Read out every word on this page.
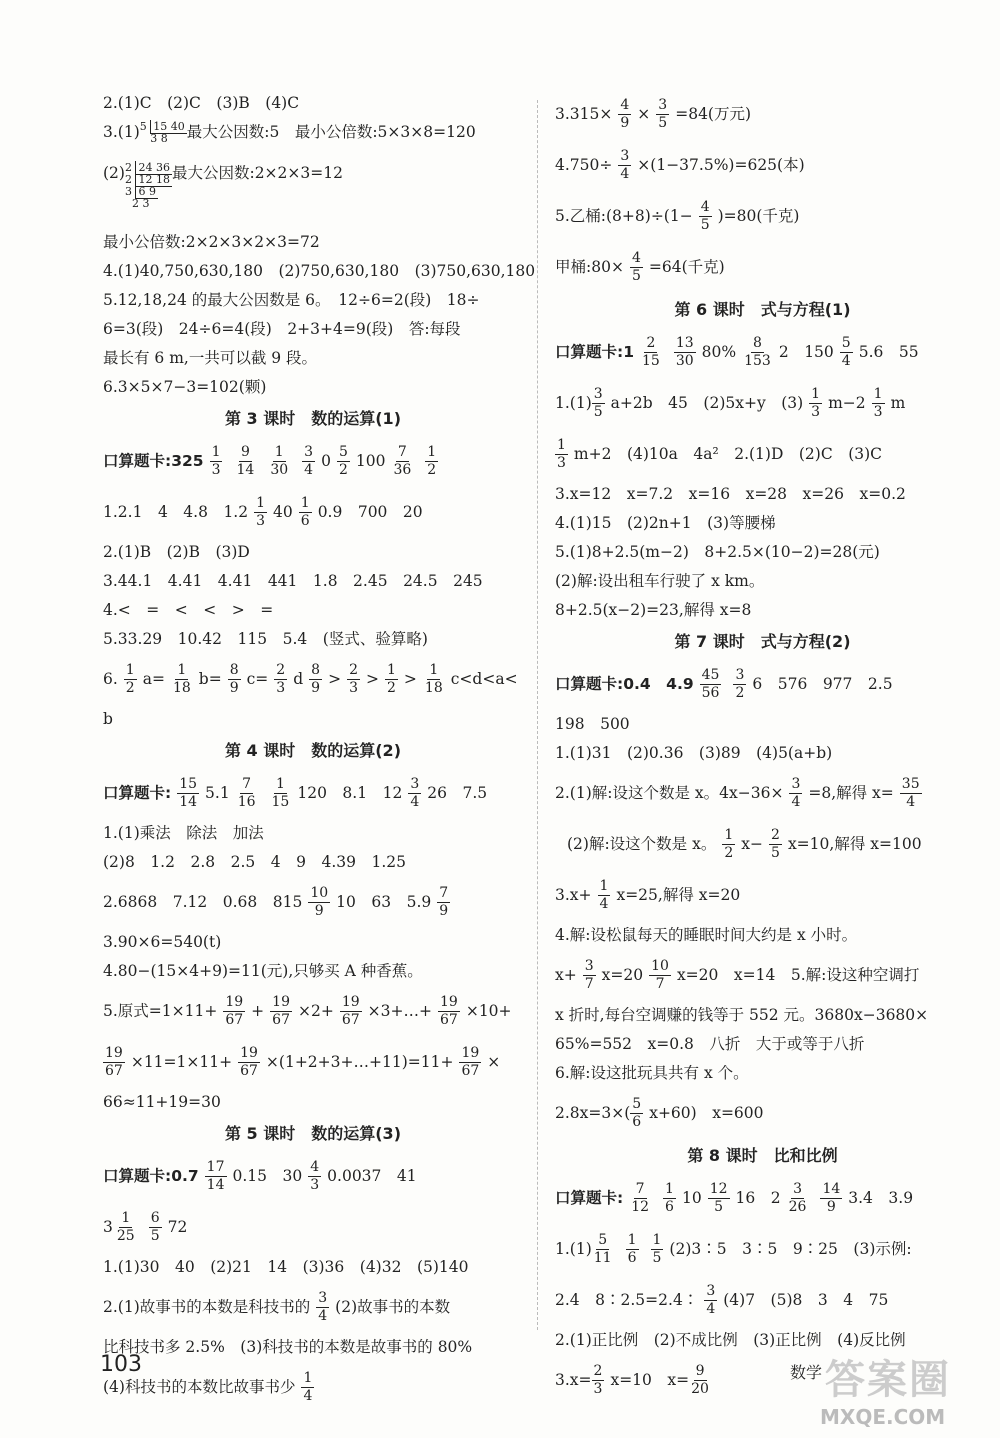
2.(1)C　(2)C　(3)B　(4)C
3.(1)5 15 40
3 8 最大公因数:5　最小公倍数:5×3×8=120
(2)2 24 36
2 12 18
3 6 9
2 3最大公因数:2×2×3=12
最小公倍数:2×2×3×2×3=72
4.(1)40,750,630,180　(2)750,630,180　(3)750,630,180
5.12,18,24 的最大公因数是 6。　12÷6=2(段)　18÷
6=3(段)　24÷6=4(段)　2+3+4=9(段)　答:每段
最长有 6 m,一共可以截 9 段。
6.3×5×7−3=102(颗)
第 3 课时　数的运算(1)
口算题卡:325 $\frac{1}{3} \frac{9}{14} \frac{1}{30} \frac{3}{4} 0 \frac{5}{2} 100 \frac{7}{36} \frac{1}{2}$
1.2.1　4　4.8　$1.2 \frac{1}{3} 40 \frac{1}{6} 0.9$　700　20
2.(1)B　(2)B　(3)D
3.44.1　4.41　4.41　441　1.8　2.45　24.5　245
4.<　=　<　<　>　=
5.33.29　10.42　115　5.4　(竖式、验算略)
6. $\frac{1}{2} a= \frac{1}{18} b= \frac{8}{9} c= \frac{2}{3}$ d $\frac{8}{9} > \frac{2}{3} > \frac{1}{2} > \frac{1}{18} c<d<a<$
b
第 4 课时　数的运算(2)
口算题卡: $\frac{15}{14} 5.1 \frac{7}{16} \frac{1}{15} 120$　8.1　$12 \frac{3}{4} 26$　7.5
1.(1)乘法　除法　加法
(2)8　1.2　2.8　2.5　4　9　4.39　1.25
2.6868　7.12　0.68　$815 \frac{10}{9} 10$　63　$5.9 \frac{7}{9}$
3.90×6=540(t)
4.80−(15×4+9)=11(元),只够买 A 种香蕉。
5.原式$=1\times 11+ \frac{19}{67} + \frac{19}{67} \times 2+ \frac{19}{67}$ ×3+…+ $\frac{19}{67} \times 10+$
$\frac{19}{67} \times 11=1\times 11+ \frac{19}{67}$ ×(1+2+3+…+11)=11+ $\frac{19}{67}$ ×
66≈11+19=30
第 5 课时　数的运算(3)
口算题卡:0.7 $\frac{17}{14} 0.15$　$30 \frac{4}{3} 0.0037$　41
$3 \frac{1}{25} \frac{6}{5} 72$
1.(1)30　40　(2)21　14　(3)36　(4)32　(5)140
2.(1)故事书的本数是科技书的 $\frac{3}{4} (2)$故事书的本数
比科技书多 2.5%　(3)科技书的本数是故事书的 80%
(4)科技书的本数比故事书少 $\frac{1}{4}$
$3.315\times \frac{4}{9} \times \frac{3}{5} =84$(万元)
$4.750\div \frac{3}{4} \times(1-37.5\%)=625$(本)
5.乙桶:(8+8)÷(1− $\frac{4}{5} )=80$(千克)
甲桶:80× $\frac{4}{5} =64$(千克)
第 6 课时　式与方程(1)
口算题卡:1 $\frac{2}{15} \frac{13}{30} 80\% \frac{8}{153} 2$　$150 \frac{5}{4} 5.6$　55
$1.(1) \frac{3}{5} a+2b$　45　(2)5x+y　$(3) \frac{1}{3} m-2 \frac{1}{3}$ m
$\frac{1}{3} m+2$　(4)10a　4a²　2.(1)D　(2)C　(3)C
3.x=12　x=7.2　x=16　x=28　x=26　x=0.2
4.(1)15　(2)2n+1　(3)等腰梯
5.(1)8+2.5(m−2)　8+2.5×(10−2)=28(元)
(2)解:设出租车行驶了 x km。
8+2.5(x−2)=23,解得 x=8
第 7 课时　式与方程(2)
口算题卡:0.4　$4.9 \frac{45}{56} \frac{3}{2} 6$　576　977　2.5
198　500
1.(1)31　(2)0.36　(3)89　(4)5(a+b)
2.(1)解:设这个数是 x。$4x-36\times \frac{3}{4} =8$,解得 $x= \frac{35}{4}$
(2)解:设这个数是 x。 $\frac{1}{2} x- \frac{2}{5} x=10$,解得 x=100
$3.x+ \frac{1}{4} x=25$,解得 x=20
4.解:设松鼠每天的睡眠时间大约是 x 小时。
$x+ \frac{3}{7} x=20 \frac{10}{7} x=20$　x=14　5.解:设这种空调打
x 折时,每台空调赚的钱等于 552 元。3680x−3680×
65%=552　x=0.8　八折　大于或等于八折
6.解:设这批玩具共有 x 个。
$2.8x=3\times( \frac{5}{6} x+60)$　x=600
第 8 课时　比和比例
口算题卡: $\frac{7}{12} \frac{1}{6} 10 \frac{12}{5} 16$　$2 \frac{3}{26} \frac{14}{9} 3.4$　3.9
$1.(1) \frac{5}{11} \frac{1}{6} \frac{1}{5}$ (2)3∶5　3∶5　9∶25　(3)示例:
2.4　8∶2.5=2.4∶ $\frac{3}{4} (4)7$　(5)8　3　4　75
2.(1)正比例　(2)不成比例　(3)正比例　(4)反比例
$3.x= \frac{2}{3} x=10$　$x= \frac{9}{20}$
103	数学 答案圈
MXQE.COM
